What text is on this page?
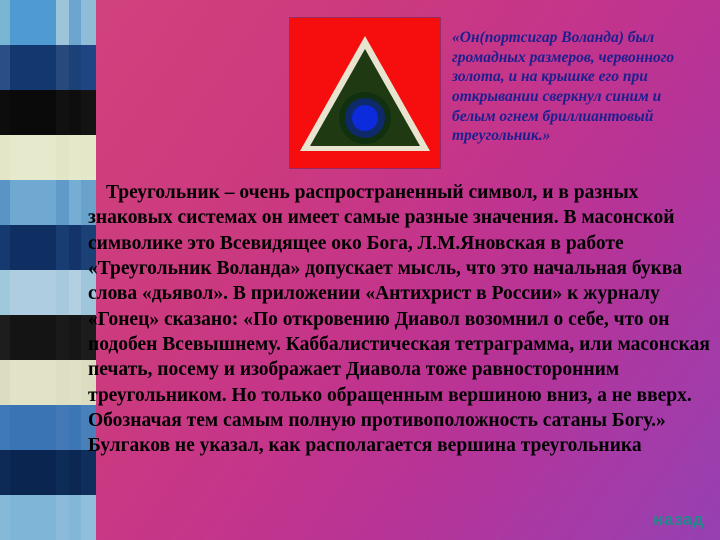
«Он(портсигар Воланда) был громадных размеров, червонного золота, и на крышке его при открывании сверкнул синим и белым огнем бриллиантовый треугольник.»
Треугольник – очень распространенный символ, и в разных знаковых системах он имеет самые разные значения. В масонской символике это Всевидящее око Бога, Л.М.Яновская в работе «Треугольник Воланда» допускает мысль, что это начальная буква слова «дьявол». В приложении «Антихрист в России» к журналу «Гонец» сказано: «По откровению Диавол возомнил о себе, что он подобен Всевышнему. Каббалистическая тетраграмма, или масонская печать, посему и изображает Диавола тоже равносторонним треугольником. Но только обращенным вершиною вниз, а не вверх. Обозначая тем самым полную противоположность сатаны Богу.» Булгаков не указал, как располагается вершина треугольника
назад
